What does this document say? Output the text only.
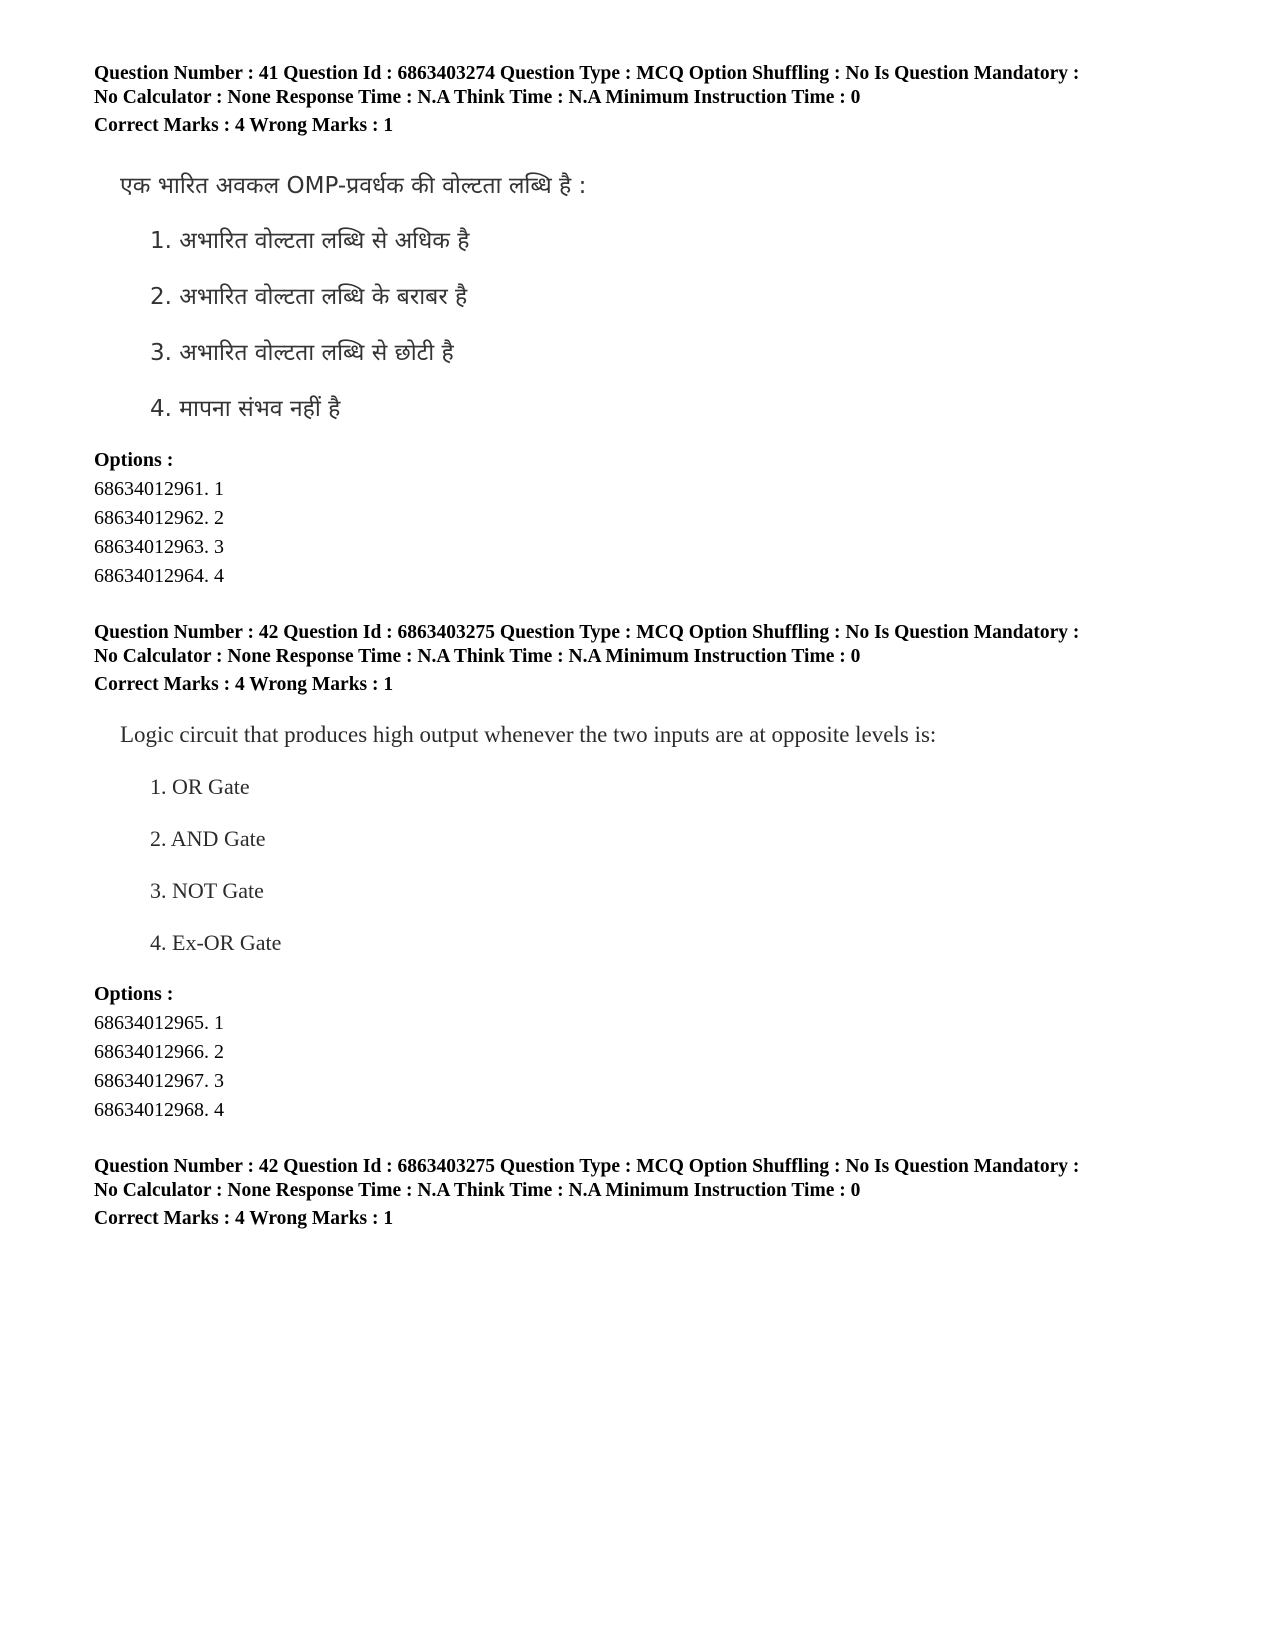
Question Number : 41 Question Id : 6863403274 Question Type : MCQ Option Shuffling : No Is Question Mandatory :
No Calculator : None Response Time : N.A Think Time : N.A Minimum Instruction Time : 0
Correct Marks : 4 Wrong Marks : 1
एक भारित अवकल OMP-प्रवर्धक की वोल्टता लब्धि है :
1. अभारित वोल्टता लब्धि से अधिक है
2. अभारित वोल्टता लब्धि के बराबर है
3. अभारित वोल्टता लब्धि से छोटी है
4. मापना संभव नहीं है
Options :
68634012961. 1
68634012962. 2
68634012963. 3
68634012964. 4
Question Number : 42 Question Id : 6863403275 Question Type : MCQ Option Shuffling : No Is Question Mandatory :
No Calculator : None Response Time : N.A Think Time : N.A Minimum Instruction Time : 0
Correct Marks : 4 Wrong Marks : 1
Logic circuit that produces high output whenever the two inputs are at opposite levels is:
1. OR Gate
2. AND Gate
3. NOT Gate
4. Ex-OR Gate
Options :
68634012965. 1
68634012966. 2
68634012967. 3
68634012968. 4
Question Number : 42 Question Id : 6863403275 Question Type : MCQ Option Shuffling : No Is Question Mandatory :
No Calculator : None Response Time : N.A Think Time : N.A Minimum Instruction Time : 0
Correct Marks : 4 Wrong Marks : 1
